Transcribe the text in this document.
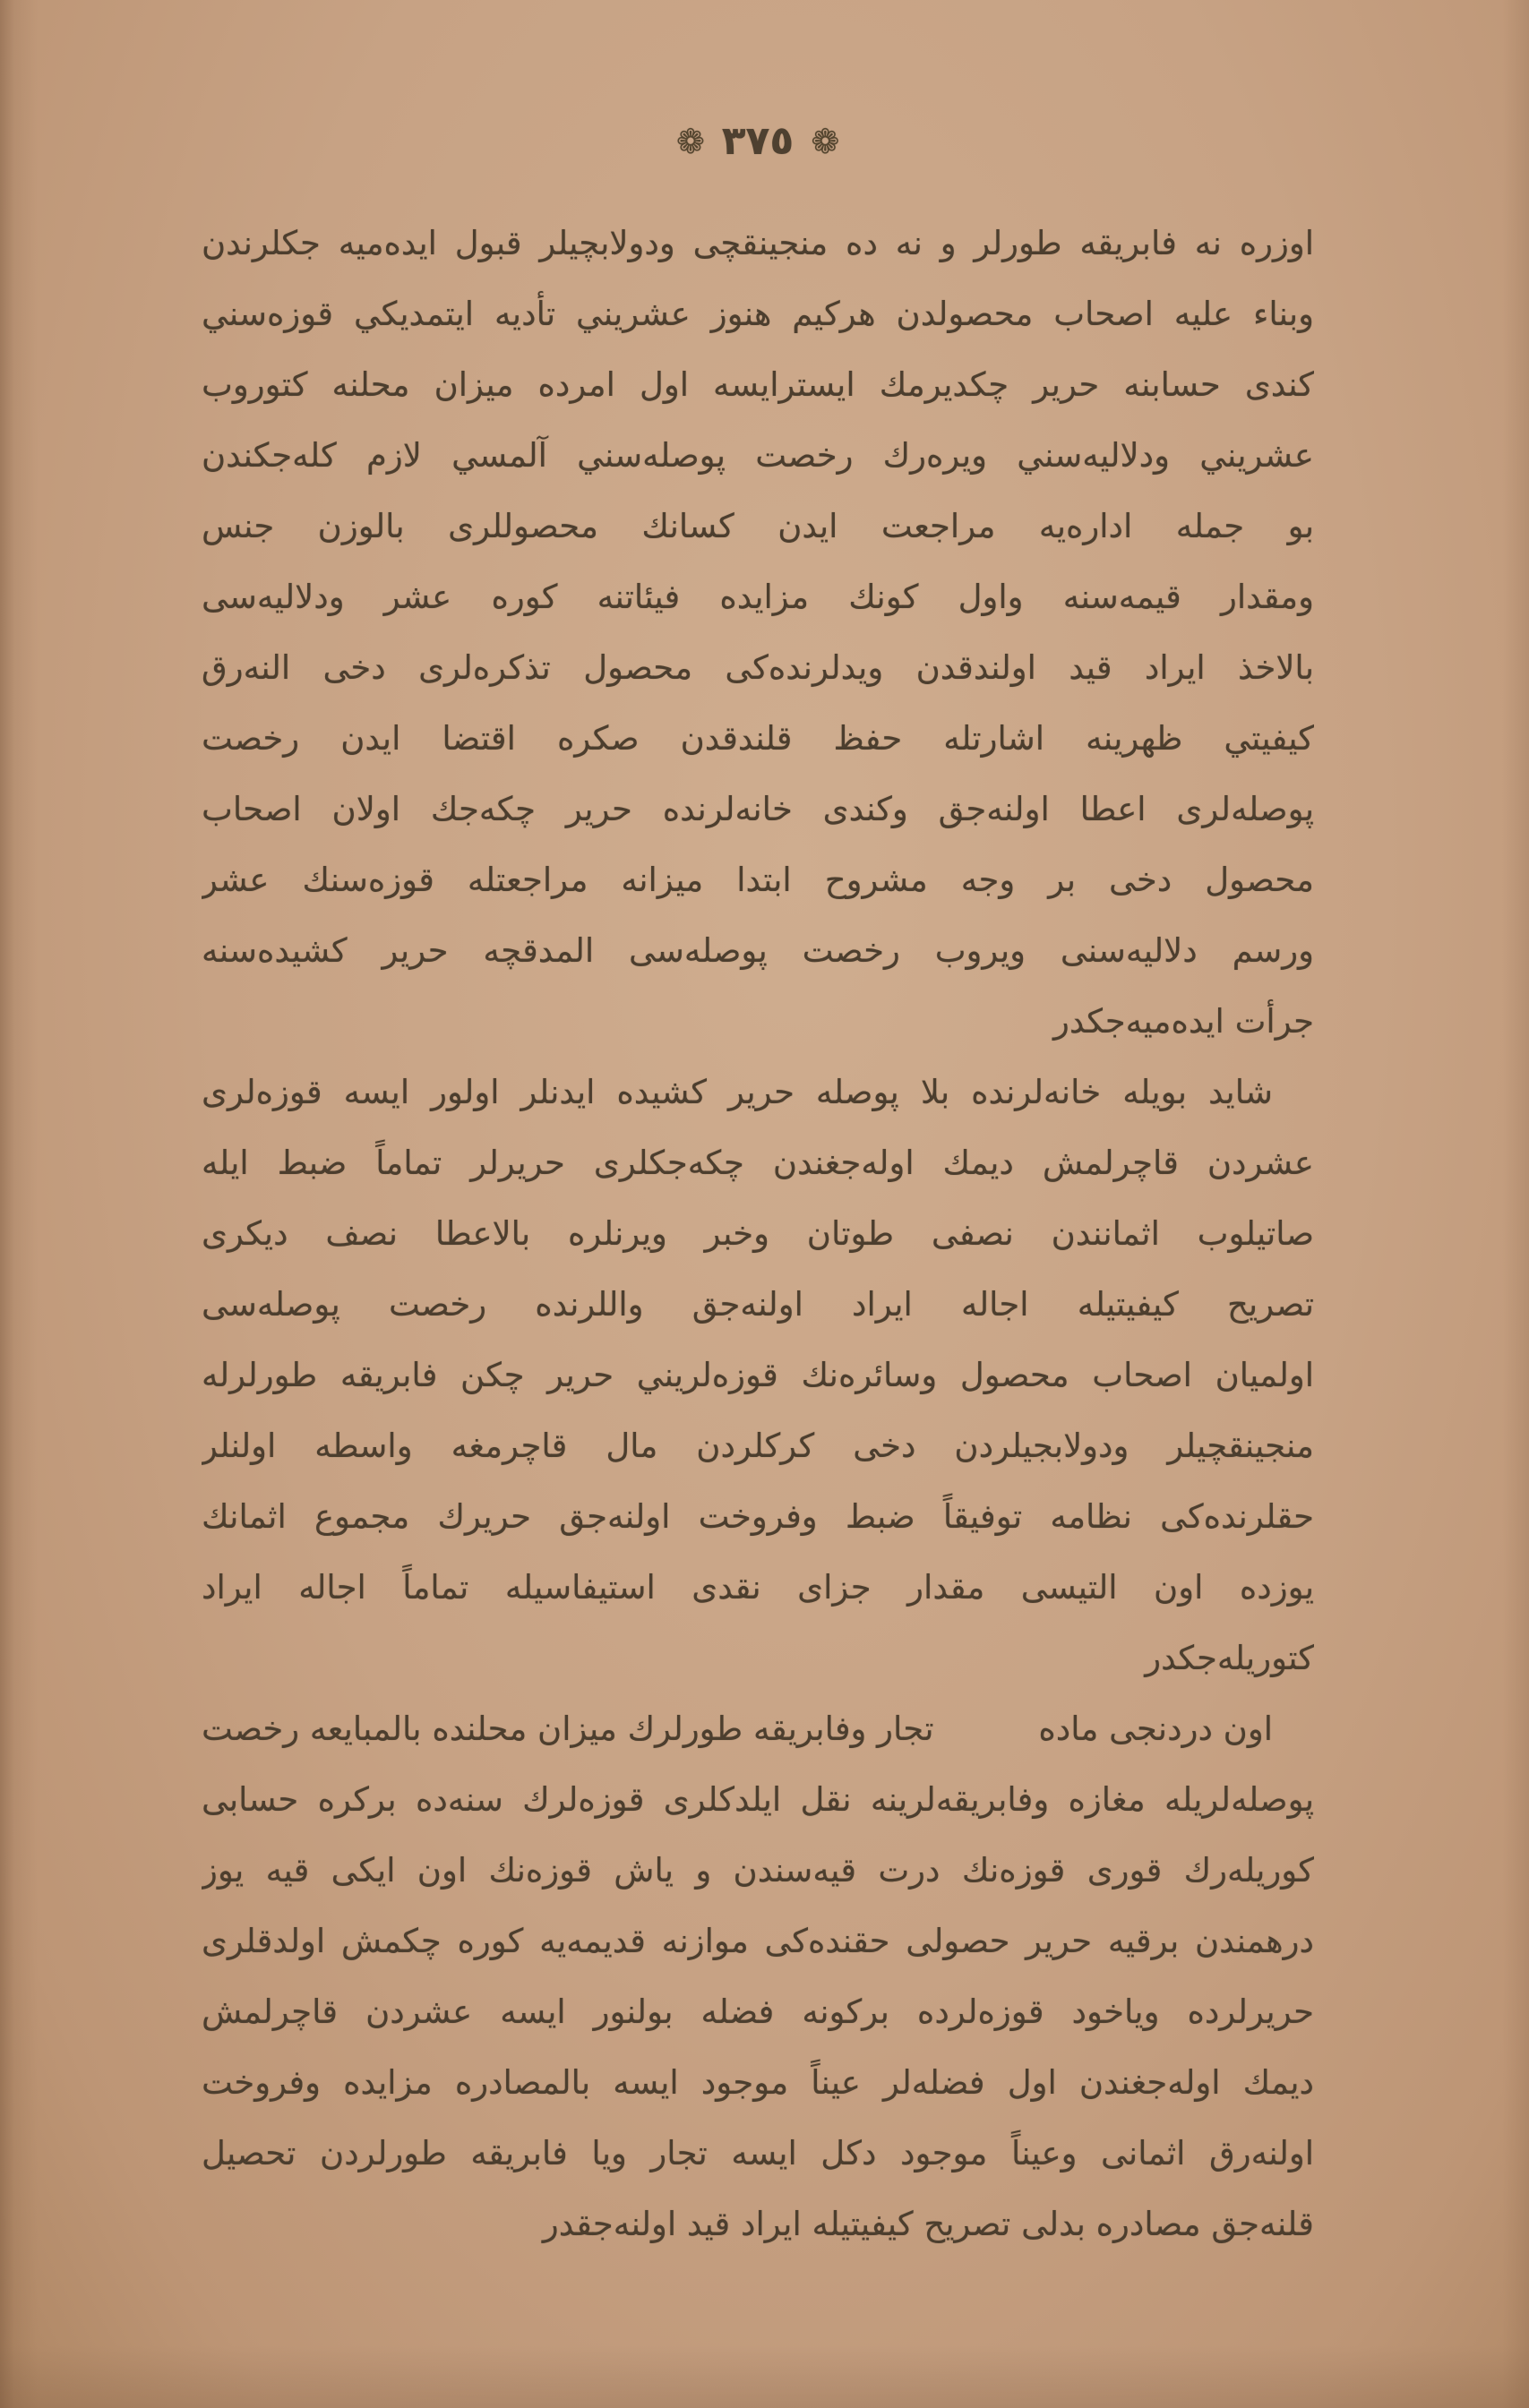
❁ ٣٧٥ ❁
اوزره نه فابريقه طورلر و نه ده منجينقچى ودولابچيلر قبول ايده‌ميه جكلرندن
وبناء عليه اصحاب محصولدن هركيم هنوز عشريني تأديه ايتمديكي قوزه‌سني
كندى حسابنه حرير چكديرمك ايسترايسه اول امرده ميزان محلنه كتوروب
عشريني ودلاليه‌سني ويره‌رك رخصت پوصله‌سني آلمسي لازم كله‌جكندن
بو جمله اداره‌يه مراجعت ايدن كسانك محصوللرى بالوزن جنس
ومقدار قيمه‌سنه واول كونك مزايده فيئاتنه كوره عشر ودلاليه‌سى
بالاخذ ايراد قيد اولندقدن ويدلرنده‌كى محصول تذكره‌لرى دخى النه‌رق
كيفيتي ظهرينه اشارتله حفظ قلندقدن صكره اقتضا ايدن رخصت
پوصله‌لرى اعطا اولنه‌جق وكندى خانه‌لرنده حرير چكه‌جك اولان اصحاب
محصول دخى بر وجه مشروح ابتدا ميزانه مراجعتله قوزه‌سنك عشر
ورسم دلاليه‌سنى ويروب رخصت پوصله‌سى المدقچه حرير كشيده‌سنه
جرأت ايده‌ميه‌جكدر
شايد بويله خانه‌لرنده بلا پوصله حرير كشيده ايدنلر اولور ايسه قوزه‌لرى
عشردن قاچرلمش ديمك اوله‌جغندن چكه‌جكلرى حريرلر تماماً ضبط ايله
صاتيلوب اثمانندن نصفى طوتان وخبر ويرنلره بالاعطا نصف ديكرى
تصريح كيفيتيله اجاله ايراد اولنه‌جق واللرنده رخصت پوصله‌سى
اولميان اصحاب محصول وسائره‌نك قوزه‌لريني حرير چكن فابريقه طورلرله
منجينقچيلر ودولابجيلردن دخى كركلردن مال قاچرمغه واسطه اولنلر
حقلرنده‌كى نظامه توفيقاً ضبط وفروخت اولنه‌جق حريرك مجموع اثمانك
يوزده اون التيسى مقدار جزاى نقدى استيفاسيله تماماً اجاله ايراد
كتوريله‌جكدر
اون دردنجى ماده
تجار وفابريقه طورلرك ميزان محلنده بالمبايعه رخصت
پوصله‌لريله مغازه وفابريقه‌لرينه نقل ايلدكلرى قوزه‌لرك سنه‌ده بركره حسابى
كوريله‌رك قورى قوزه‌نك درت قيه‌سندن و ياش قوزه‌نك اون ايكى قيه يوز
درهمندن برقيه حرير حصولى حقنده‌كى موازنه قديمه‌يه كوره چكمش اولدقلرى
حريرلرده وياخود قوزه‌لرده بركونه فضله بولنور ايسه عشردن قاچرلمش
ديمك اوله‌جغندن اول فضله‌لر عيناً موجود ايسه بالمصادره مزايده وفروخت
اولنه‌رق اثمانى وعيناً موجود دكل ايسه تجار ويا فابريقه طورلردن تحصيل
قلنه‌جق مصادره بدلى تصريح كيفيتيله ايراد قيد اولنه‌جقدر
